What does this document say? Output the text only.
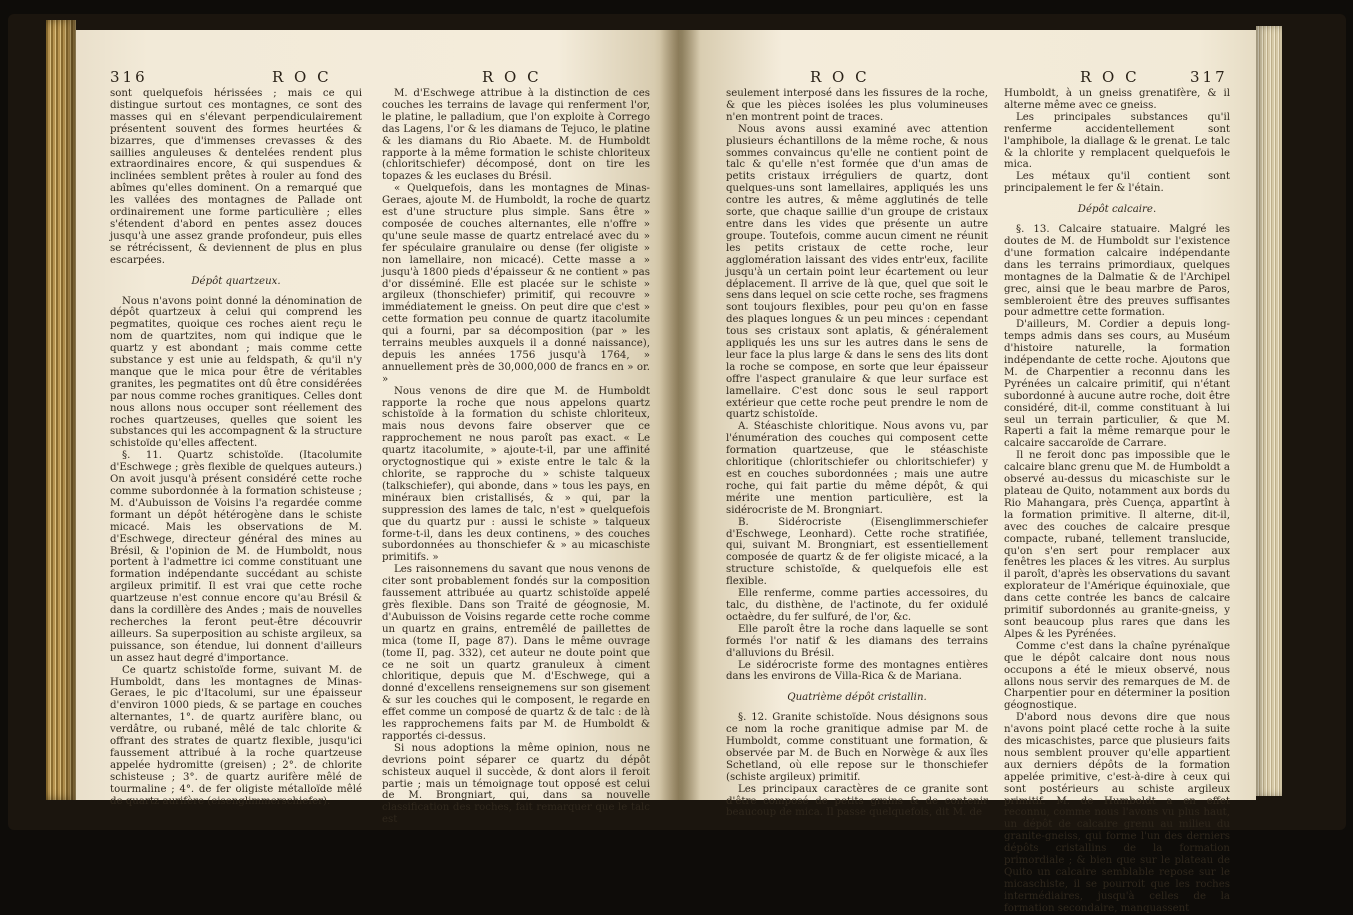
316	R O C	R O C

sont quelquefois hérissées ; mais ce qui distingue surtout ces montagnes, ce sont des masses qui en s'élevant perpendiculairement présentent souvent des formes heurtées & bizarres, que d'immenses crevasses & des saillies anguleuses & dentelées rendent plus extraordinaires encore, & qui suspendues & inclinées semblent prêtes à rouler au fond des abîmes qu'elles dominent. On a remarqué que les vallées des montagnes de Pallade ont ordinairement une forme particulière ; elles s'étendent d'abord en pentes assez douces jusqu'à une assez grande profondeur, puis elles se rétrécissent, & deviennent de plus en plus escarpées.

Dépôt quartzeux.

Nous n'avons point donné la dénomination de dépôt quartzeux à celui qui comprend les pegmatites, quoique ces roches aient reçu le nom de quartzites, nom qui indique que le quartz y est abondant ; mais comme cette substance y est unie au feldspath, & qu'il n'y manque que le mica pour être de véritables granites, les pegmatites ont dû être considérées par nous comme roches granitiques. Celles dont nous allons nous occuper sont réellement des roches quartzeuses, quelles que soient les substances qui les accompagnent & la structure schistoïde qu'elles affectent.

§. 11. Quartz schistoïde. (Itacolumite d'Eschwege ; grès flexible de quelques auteurs.) On avoit jusqu'à présent considéré cette roche comme subordonnée à la formation schisteuse ; M. d'Aubuisson de Voisins l'a regardée comme formant un dépôt hétérogène dans le schiste micacé. Mais les observations de M. d'Eschwege, directeur général des mines au Brésil, & l'opinion de M. de Humboldt, nous portent à l'admettre ici comme constituant une formation indépendante succédant au schiste argileux primitif. Il est vrai que cette roche quartzeuse n'est connue encore qu'au Brésil & dans la cordillère des Andes ; mais de nouvelles recherches la feront peut-être découvrir ailleurs. Sa superposition au schiste argileux, sa puissance, son étendue, lui donnent d'ailleurs un assez haut degré d'importance.

Ce quartz schistoïde forme, suivant M. de Humboldt, dans les montagnes de Minas-Geraes, le pic d'Itacolumi, sur une épaisseur d'environ 1000 pieds, & se partage en couches alternantes, 1°. de quartz aurifère blanc, ou verdâtre, ou rubané, mêlé de talc chlorite & offrant des strates de quartz flexible, jusqu'ici faussement attribué à la roche quartzeuse appelée hydromitte (greisen) ; 2°. de chlorite schisteuse ; 3°. de quartz aurifère mêlé de tourmaline ; 4°. de fer oligiste métalloïde mêlé de quartz aurifère (eisenglimmerschiefer).

M. d'Eschwege attribue à la distinction de ces couches les terrains de lavage qui renferment l'or, le platine, le palladium, que l'on exploite à Corrego das Lagens, l'or & les diamans de Tejuco, le platine & les diamans du Rio Abaete. M. de Humboldt rapporte à la même formation le schiste chloriteux (chloritschiefer) décomposé, dont on tire les topazes & les euclases du Brésil.

« Quelquefois, dans les montagnes de Minas-Geraes, ajoute M. de Humboldt, la roche de quartz est d'une structure plus simple. Sans être » composée de couches alternantes, elle n'offre » qu'une seule masse de quartz entrelacé avec du » fer spéculaire granulaire ou dense (fer oligiste » non lamellaire, non micacé). Cette masse a » jusqu'à 1800 pieds d'épaisseur & ne contient » pas d'or disséminé. Elle est placée sur le schiste » argileux (thonschiefer) primitif, qui recouvre » immédiatement le gneiss. On peut dire que c'est » cette formation peu connue de quartz itacolumite qui a fourni, par sa décomposition (par » les terrains meubles auxquels il a donné naissance), depuis les années 1756 jusqu'à 1764, » annuellement près de 30,000,000 de francs en » or. »

Nous venons de dire que M. de Humboldt rapporte la roche que nous appelons quartz schistoïde à la formation du schiste chloriteux, mais nous devons faire observer que ce rapprochement ne nous paroît pas exact. « Le quartz itacolumite, » ajoute-t-il, par une affinité oryctognostique qui » existe entre le talc & la chlorite, se rapproche du » schiste talqueux (talkschiefer), qui abonde, dans » tous les pays, en minéraux bien cristallisés, & » qui, par la suppression des lames de talc, n'est » quelquefois que du quartz pur : aussi le schiste » talqueux forme-t-il, dans les deux continens, » des couches subordonnées au thonschiefer & » au micaschiste primitifs. »

Les raisonnemens du savant que nous venons de citer sont probablement fondés sur la composition faussement attribuée au quartz schistoïde appelé grès flexible. Dans son Traité de géognosie, M. d'Aubuisson de Voisins regarde cette roche comme un quartz en grains, entremêlé de paillettes de mica (tome II, page 87). Dans le même ouvrage (tome II, pag. 332), cet auteur ne doute point que ce ne soit un quartz granuleux à ciment chloritique, depuis que M. d'Eschwege, qui a donné d'excellens renseignemens sur son gisement & sur les couches qui le composent, le regarde en effet comme un composé de quartz & de talc : de là les rapprochemens faits par M. de Humboldt & rapportés ci-dessus.

Si nous adoptions la même opinion, nous ne devrions point séparer ce quartz du dépôt schisteux auquel il succède, & dont alors il feroit partie ; mais un témoignage tout opposé est celui de M. Brongniart, qui, dans sa nouvelle classification des roches, fait remarquer que le talc est

R O C	R O C	317

seulement interposé dans les fissures de la roche, & que les pièces isolées les plus volumineuses n'en montrent point de traces.

Nous avons aussi examiné avec attention plusieurs échantillons de la même roche, & nous sommes convaincus qu'elle ne contient point de talc & qu'elle n'est formée que d'un amas de petits cristaux irréguliers de quartz, dont quelques-uns sont lamellaires, appliqués les uns contre les autres, & même agglutinés de telle sorte, que chaque saillie d'un groupe de cristaux entre dans les vides que présente un autre groupe. Toutefois, comme aucun ciment ne réunit les petits cristaux de cette roche, leur agglomération laissant des vides entr'eux, facilite jusqu'à un certain point leur écartement ou leur déplacement. Il arrive de là que, quel que soit le sens dans lequel on scie cette roche, ses fragmens sont toujours flexibles, pour peu qu'on en fasse des plaques longues & un peu minces : cependant tous ses cristaux sont aplatis, & généralement appliqués les uns sur les autres dans le sens de leur face la plus large & dans le sens des lits dont la roche se compose, en sorte que leur épaisseur offre l'aspect granulaire & que leur surface est lamellaire. C'est donc sous le seul rapport extérieur que cette roche peut prendre le nom de quartz schistoïde.

A. Stéaschiste chloritique. Nous avons vu, par l'énumération des couches qui composent cette formation quartzeuse, que le stéaschiste chloritique (chloritschiefer ou chloritschiefer) y est en couches subordonnées ; mais une autre roche, qui fait partie du même dépôt, & qui mérite une mention particulière, est la sidérocriste de M. Brongniart.

B. Sidérocriste (Eisenglimmerschiefer d'Eschwege, Leonhard). Cette roche stratifiée, qui, suivant M. Brongniart, est essentiellement composée de quartz & de fer oligiste micacé, a la structure schistoïde, & quelquefois elle est flexible.

Elle renferme, comme parties accessoires, du talc, du disthène, de l'actinote, du fer oxidulé octaèdre, du fer sulfuré, de l'or, &c.

Elle paroît être la roche dans laquelle se sont formés l'or natif & les diamans des terrains d'alluvions du Brésil.

Le sidérocriste forme des montagnes entières dans les environs de Villa-Rica & de Mariana.

Quatrième dépôt cristallin.

§. 12. Granite schistoïde. Nous désignons sous ce nom la roche granitique admise par M. de Humboldt, comme constituant une formation, & observée par M. de Buch en Norwège & aux îles Schetland, où elle repose sur le thonschiefer (schiste argileux) primitif.

Les principaux caractères de ce granite sont d'être composé de petits grains & de contenir beaucoup de mica. Il passe quelquefois, dit M. de

Humboldt, à un gneiss grenatifère, & il alterne même avec ce gneiss.

Les principales substances qu'il renferme accidentellement sont l'amphibole, la diallage & le grenat. Le talc & la chlorite y remplacent quelquefois le mica.

Les métaux qu'il contient sont principalement le fer & l'étain.

Dépôt calcaire.

§. 13. Calcaire statuaire. Malgré les doutes de M. de Humboldt sur l'existence d'une formation calcaire indépendante dans les terrains primordiaux, quelques montagnes de la Dalmatie & de l'Archipel grec, ainsi que le beau marbre de Paros, sembleroient être des preuves suffisantes pour admettre cette formation.

D'ailleurs, M. Cordier a depuis long-temps admis dans ses cours, au Muséum d'histoire naturelle, la formation indépendante de cette roche. Ajoutons que M. de Charpentier a reconnu dans les Pyrénées un calcaire primitif, qui n'étant subordonné à aucune autre roche, doit être considéré, dit-il, comme constituant à lui seul un terrain particulier, & que M. Raperti a fait la même remarque pour le calcaire saccaroïde de Carrare.

Il ne feroit donc pas impossible que le calcaire blanc grenu que M. de Humboldt a observé au-dessus du micaschiste sur le plateau de Quito, notamment aux bords du Rio Mahangara, près Cuença, appartînt à la formation primitive. Il alterne, dit-il, avec des couches de calcaire presque compacte, rubané, tellement translucide, qu'on s'en sert pour remplacer aux fenêtres les places & les vitres. Au surplus il paroît, d'après les observations du savant explorateur de l'Amérique équinoxiale, que dans cette contrée les bancs de calcaire primitif subordonnés au granite-gneiss, y sont beaucoup plus rares que dans les Alpes & les Pyrénées.

Comme c'est dans la chaîne pyrénaïque que le dépôt calcaire dont nous nous occupons a été le mieux observé, nous allons nous servir des remarques de M. de Charpentier pour en déterminer la position géognostique.

D'abord nous devons dire que nous n'avons point placé cette roche à la suite des micaschistes, parce que plusieurs faits nous semblent prouver qu'elle appartient aux derniers dépôts de la formation appelée primitive, c'est-à-dire à ceux qui sont postérieurs au schiste argileux primitif. M. de Humboldt a en effet reconnu, comme nous l'avons vu plus haut, un dépôt de calcaire grenu au milieu du granite-gneiss, qui forme l'un des derniers dépôts cristallins de la formation primordiale ; & bien que sur le plateau de Quito un calcaire semblable repose sur le micaschiste, il se pourroit que les roches intermédiaires, jusqu'à celles de la formation secondaire, manquassent
